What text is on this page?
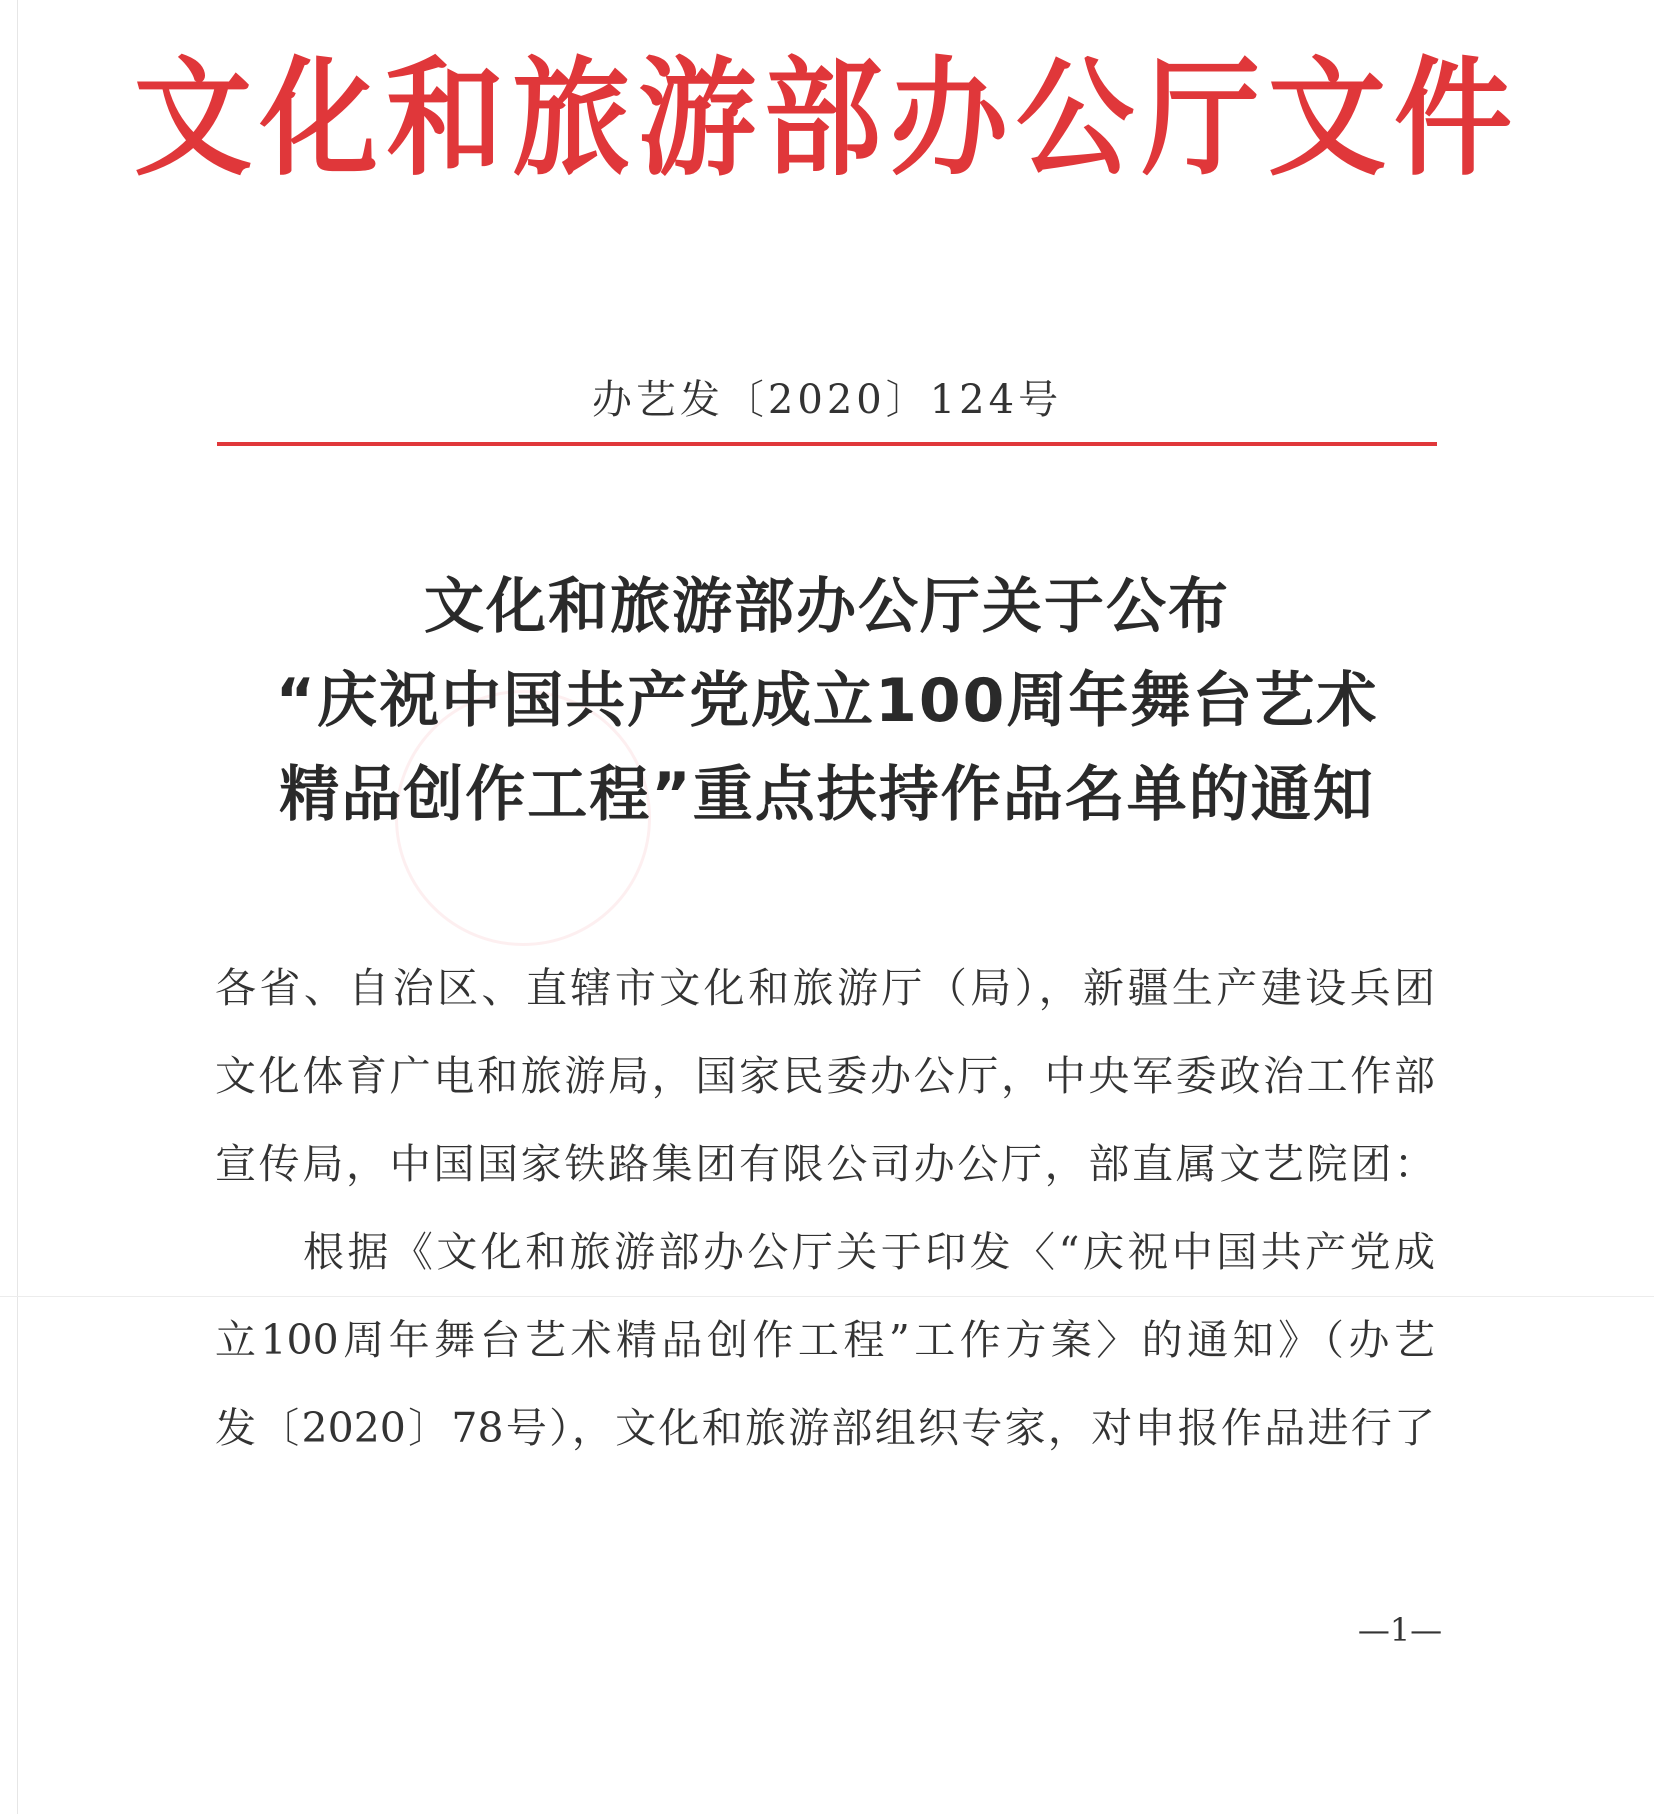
文化和旅游部办公厅文件
办艺发〔2020〕124号
文化和旅游部办公厅关于公布
“庆祝中国共产党成立100周年舞台艺术
精品创作工程”重点扶持作品名单的通知
各省、自治区、直辖市文化和旅游厅（局），新疆生产建设兵团
文化体育广电和旅游局，国家民委办公厅，中央军委政治工作部
宣传局，中国国家铁路集团有限公司办公厅，部直属文艺院团：
根据《文化和旅游部办公厅关于印发〈“庆祝中国共产党成
立100周年舞台艺术精品创作工程”工作方案〉的通知》（办艺
发〔2020〕78号），文化和旅游部组织专家，对申报作品进行了
—1—
